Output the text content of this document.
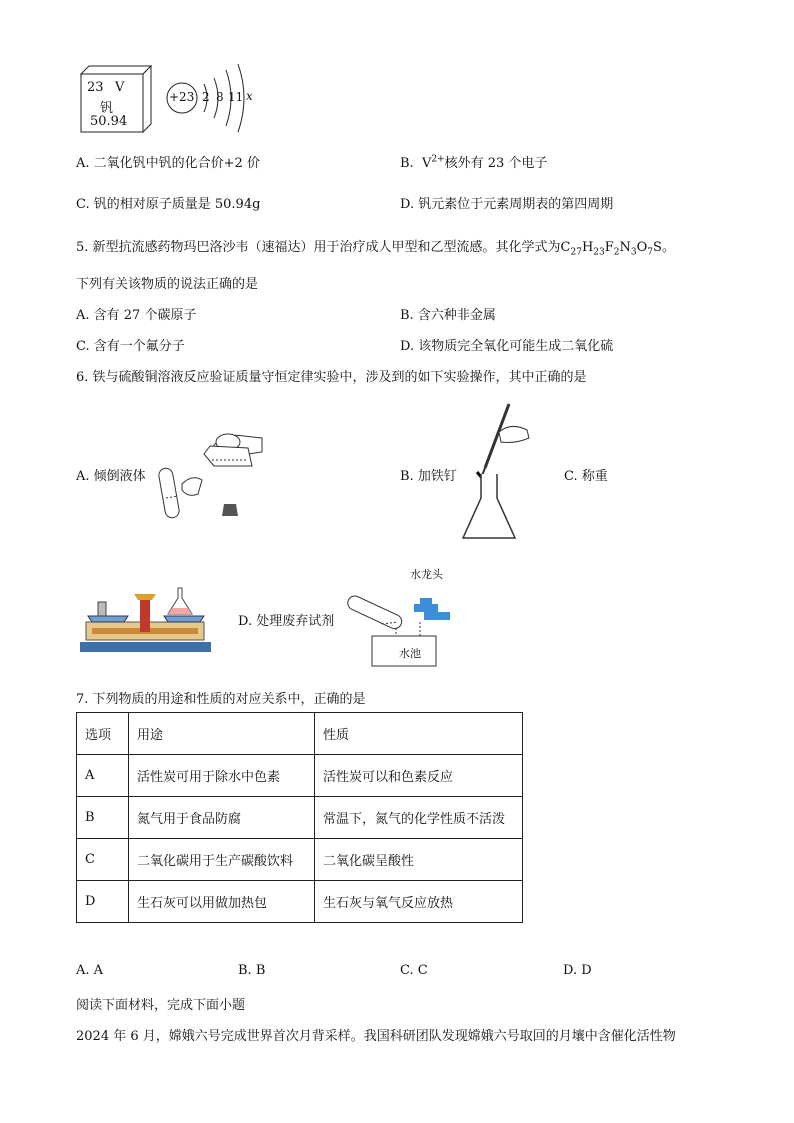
23 V
钒
50.94
+23 2 8 11 x
A. 二氧化钒中钒的化合价+2 价	B. $V^{2+}$核外有 23 个电子
C. 钒的相对原子质量是 50.94g	D. 钒元素位于元素周期表的第四周期
5. 新型抗流感药物玛巴洛沙韦（速福达）用于治疗成人甲型和乙型流感。其化学式为$C_{27}H_{23}F_2N_3O_7S$。
下列有关该物质的说法正确的是
A. 含有 27 个碳原子	B. 含六种非金属
C. 含有一个氟分子	D. 该物质完全氧化可能生成二氧化硫
6. 铁与硫酸铜溶液反应验证质量守恒定律实验中，涉及到的如下实验操作，其中正确的是
A. 倾倒液体	B. 加铁钉	C. 称重
D. 处理废弃试剂
水龙头
水池
7. 下列物质的用途和性质的对应关系中，正确的是
选项	用途	性质
A	活性炭可用于除水中色素	活性炭可以和色素反应
B	氮气用于食品防腐	常温下，氮气的化学性质不活泼
C	二氧化碳用于生产碳酸饮料	二氧化碳呈酸性
D	生石灰可以用做加热包	生石灰与氧气反应放热
A. A	B. B	C. C	D. D
阅读下面材料，完成下面小题
2024 年 6 月，嫦娥六号完成世界首次月背采样。我国科研团队发现嫦娥六号取回的月壤中含催化活性物
